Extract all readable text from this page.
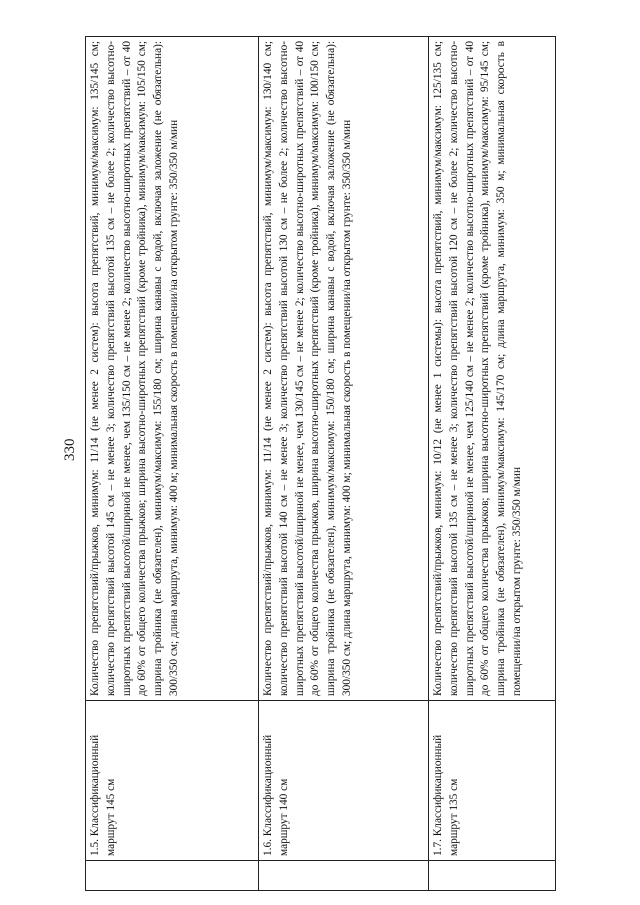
330
	1.5. Классификационный маршрут 145 см	Количество препятствий/прыжков, минимум: 11/14 (не менее 2 систем): высота препятствий, минимум/максимум: 135/145 см; количество препятствий высотой 145 см – не менее 3; количество препятствий высотой 135 см – не более 2; количество высотно-широтных препятствий высотой/шириной не менее, чем 135/150 см – не менее 2; количество высотно-широтных препятствий – от 40 до 60% от общего количества прыжков; ширина высотно-широтных препятствий (кроме тройника), минимум/максимум: 105/150 см; ширина тройника (не обязателен), минимум/максимум: 155/180 см; ширина канавы с водой, включая заложение (не обязательна): 300/350 см; длина маршрута, минимум: 400 м; минимальная скорость в помещении/на открытом грунте: 350/350 м/мин
	1.6. Классификационный маршрут 140 см	Количество препятствий/прыжков, минимум: 11/14 (не менее 2 систем): высота препятствий, минимум/максимум: 130/140 см; количество препятствий высотой 140 см – не менее 3; количество препятствий высотой 130 см – не более 2; количество высотно-широтных препятствий высотой/шириной не менее, чем 130/145 см – не менее 2; количество высотно-широтных препятствий – от 40 до 60% от общего количества прыжков, ширина высотно-широтных препятствий (кроме тройника), минимум/максимум: 100/150 см; ширина тройника (не обязателен), минимум/максимум: 150/180 см; ширина канавы с водой, включая заложение (не обязательна): 300/350 см; длина маршрута, минимум: 400 м; минимальная скорость в помещении/на открытом грунте: 350/350 м/мин
	1.7. Классификационный маршрут 135 см	Количество препятствий/прыжков, минимум: 10/12 (не менее 1 системы): высота препятствий, минимум/максимум: 125/135 см; количество препятствий высотой 135 см – не менее 3; количество препятствий высотой 120 см – не более 2; количество высотно-широтных препятствий высотой/шириной не менее, чем 125/140 см – не менее 2; количество высотно-широтных препятствий – от 40 до 60% от общего количества прыжков; ширина высотно-широтных препятствий (кроме тройника), минимум/максимум: 95/145 см; ширина тройника (не обязателен), минимум/максимум: 145/170 см; длина маршрута, минимум: 350 м; минимальная скорость в помещении/на открытом грунте: 350/350 м/мин
